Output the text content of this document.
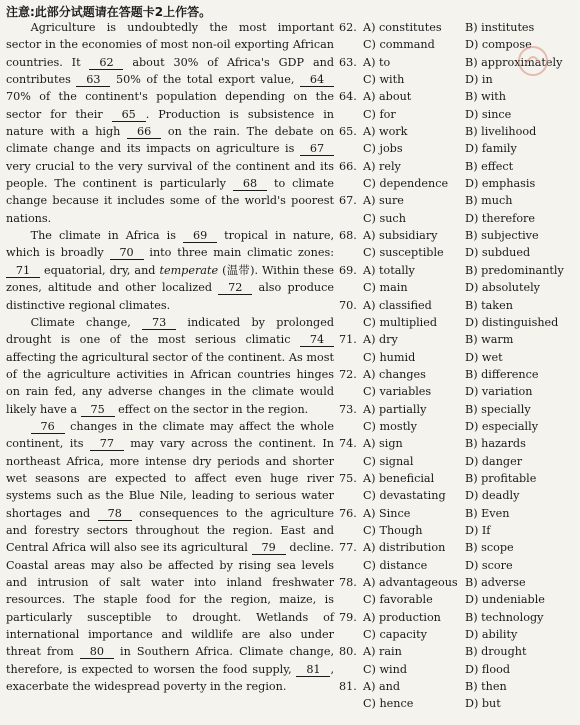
注意:此部分试题请在答题卡2上作答。

Agriculture is undoubtedly the most important sector in the economies of most non-oil exporting African countries. It 62 about 30% of Africa's GDP and contributes 63 50% of the total export value, 64 70% of the continent's population depending on the sector for their 65 . Production is subsistence in nature with a high 66 on the rain. The debate on climate change and its impacts on agriculture is 67 very crucial to the very survival of the continent and its people. The continent is particularly 68 to climate change because it includes some of the world's poorest nations.

The climate in Africa is 69 tropical in nature, which is broadly 70 into three main climatic zones: 71 equatorial, dry, and temperate (温带). Within these zones, altitude and other localized 72 also produce distinctive regional climates.

Climate change, 73 indicated by prolonged drought is one of the most serious climatic 74 affecting the agricultural sector of the continent. As most of the agriculture activities in African countries hinges on rain fed, any adverse changes in the climate would likely have a 75 effect on the sector in the region.

76 changes in the climate may affect the whole continent, its 77 may vary across the continent. In northeast Africa, more intense dry periods and shorter wet seasons are expected to affect even huge river systems such as the Blue Nile, leading to serious water shortages and 78 consequences to the agriculture and forestry sectors throughout the region. East and Central Africa will also see its agricultural 79 decline. Coastal areas may also be affected by rising sea levels and intrusion of salt water into inland freshwater resources. The staple food for the region, maize, is particularly susceptible to drought. Wetlands of international importance and wildlife are also under threat from 80 in Southern Africa. Climate change, therefore, is expected to worsen the food supply, 81 , exacerbate the widespread poverty in the region.

62. A) constitutes	B) institutes
C) command	D) compose
63. A) to	B) approximately
C) with	D) in
64. A) about	B) with
C) for	D) since
65. A) work	B) livelihood
C) jobs	D) family
66. A) rely	B) effect
C) dependence	D) emphasis
67. A) sure	B) much
C) such	D) therefore
68. A) subsidiary	B) subjective
C) susceptible	D) subdued
69. A) totally	B) predominantly
C) main	D) absolutely
70. A) classified	B) taken
C) multiplied	D) distinguished
71. A) dry	B) warm
C) humid	D) wet
72. A) changes	B) difference
C) variables	D) variation
73. A) partially	B) specially
C) mostly	D) especially
74. A) sign	B) hazards
C) signal	D) danger
75. A) beneficial	B) profitable
C) devastating	D) deadly
76. A) Since	B) Even
C) Though	D) If
77. A) distribution	B) scope
C) distance	D) score
78. A) advantageous B) adverse
C) favorable	D) undeniable
79. A) production	B) technology
C) capacity	D) ability
80. A) rain	B) drought
C) wind	D) flood
81. A) and	B) then
C) hence	D) but
